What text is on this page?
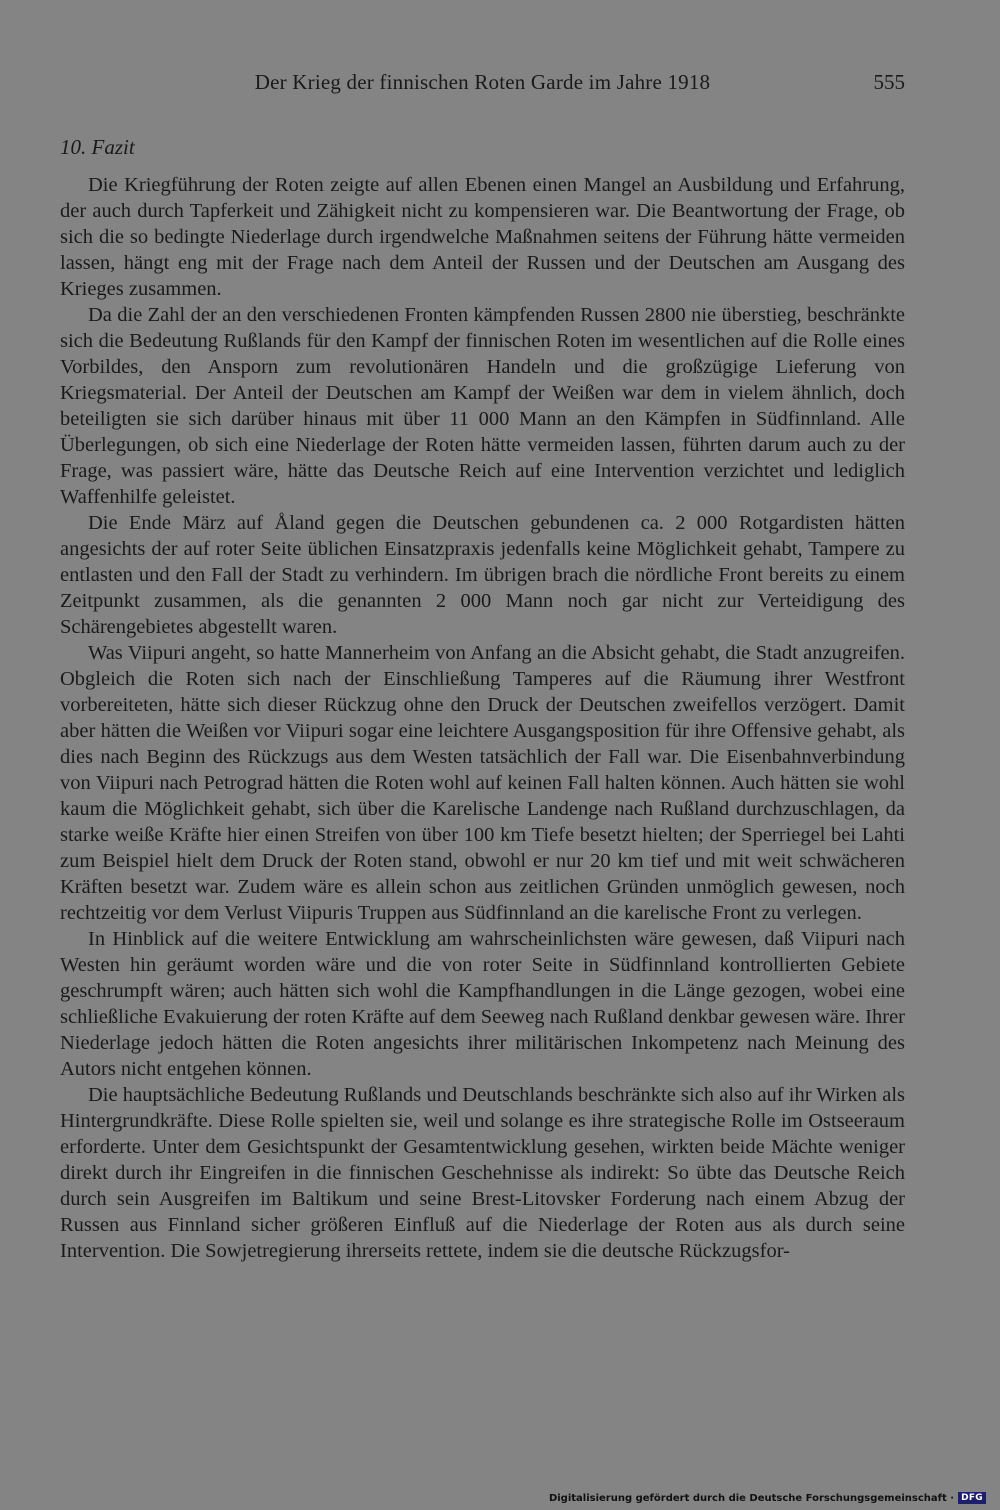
Der Krieg der finnischen Roten Garde im Jahre 1918	555
10. Fazit

Die Kriegführung der Roten zeigte auf allen Ebenen einen Mangel an Ausbildung und Erfahrung, der auch durch Tapferkeit und Zähigkeit nicht zu kompensieren war. Die Beantwortung der Frage, ob sich die so bedingte Niederlage durch irgendwelche Maßnahmen seitens der Führung hätte vermeiden lassen, hängt eng mit der Frage nach dem Anteil der Russen und der Deutschen am Ausgang des Krieges zusammen.

Da die Zahl der an den verschiedenen Fronten kämpfenden Russen 2800 nie überstieg, beschränkte sich die Bedeutung Rußlands für den Kampf der finnischen Roten im wesentlichen auf die Rolle eines Vorbildes, den Ansporn zum revolutionären Handeln und die großzügige Lieferung von Kriegsmaterial. Der Anteil der Deutschen am Kampf der Weißen war dem in vielem ähnlich, doch beteiligten sie sich darüber hinaus mit über 11 000 Mann an den Kämpfen in Südfinnland. Alle Überlegungen, ob sich eine Niederlage der Roten hätte vermeiden lassen, führten darum auch zu der Frage, was passiert wäre, hätte das Deutsche Reich auf eine Intervention verzichtet und lediglich Waffenhilfe geleistet.

Die Ende März auf Åland gegen die Deutschen gebundenen ca. 2 000 Rotgardisten hätten angesichts der auf roter Seite üblichen Einsatzpraxis jedenfalls keine Möglichkeit gehabt, Tampere zu entlasten und den Fall der Stadt zu verhindern. Im übrigen brach die nördliche Front bereits zu einem Zeitpunkt zusammen, als die genannten 2 000 Mann noch gar nicht zur Verteidigung des Schärengebietes abgestellt waren.

Was Viipuri angeht, so hatte Mannerheim von Anfang an die Absicht gehabt, die Stadt anzugreifen. Obgleich die Roten sich nach der Einschließung Tamperes auf die Räumung ihrer Westfront vorbereiteten, hätte sich dieser Rückzug ohne den Druck der Deutschen zweifellos verzögert. Damit aber hätten die Weißen vor Viipuri sogar eine leichtere Ausgangsposition für ihre Offensive gehabt, als dies nach Beginn des Rückzugs aus dem Westen tatsächlich der Fall war. Die Eisenbahnverbindung von Viipuri nach Petrograd hätten die Roten wohl auf keinen Fall halten können. Auch hätten sie wohl kaum die Möglichkeit gehabt, sich über die Karelische Landenge nach Rußland durchzuschlagen, da starke weiße Kräfte hier einen Streifen von über 100 km Tiefe besetzt hielten; der Sperriegel bei Lahti zum Beispiel hielt dem Druck der Roten stand, obwohl er nur 20 km tief und mit weit schwächeren Kräften besetzt war. Zudem wäre es allein schon aus zeitlichen Gründen unmöglich gewesen, noch rechtzeitig vor dem Verlust Viipuris Truppen aus Südfinnland an die karelische Front zu verlegen.

In Hinblick auf die weitere Entwicklung am wahrscheinlichsten wäre gewesen, daß Viipuri nach Westen hin geräumt worden wäre und die von roter Seite in Südfinnland kontrollierten Gebiete geschrumpft wären; auch hätten sich wohl die Kampfhandlungen in die Länge gezogen, wobei eine schließliche Evakuierung der roten Kräfte auf dem Seeweg nach Rußland denkbar gewesen wäre. Ihrer Niederlage jedoch hätten die Roten angesichts ihrer militärischen Inkompetenz nach Meinung des Autors nicht entgehen können.

Die hauptsächliche Bedeutung Rußlands und Deutschlands beschränkte sich also auf ihr Wirken als Hintergrundkräfte. Diese Rolle spielten sie, weil und solange es ihre strategische Rolle im Ostseeraum erforderte. Unter dem Gesichtspunkt der Gesamtentwicklung gesehen, wirkten beide Mächte weniger direkt durch ihr Eingreifen in die finnischen Geschehnisse als indirekt: So übte das Deutsche Reich durch sein Ausgreifen im Baltikum und seine Brest-Litovsker Forderung nach einem Abzug der Russen aus Finnland sicher größeren Einfluß auf die Niederlage der Roten aus als durch seine Intervention. Die Sowjetregierung ihrerseits rettete, indem sie die deutsche Rückzugsfor-

Digitalisierung gefördert durch die Deutsche Forschungsgemeinschaft · DFG
